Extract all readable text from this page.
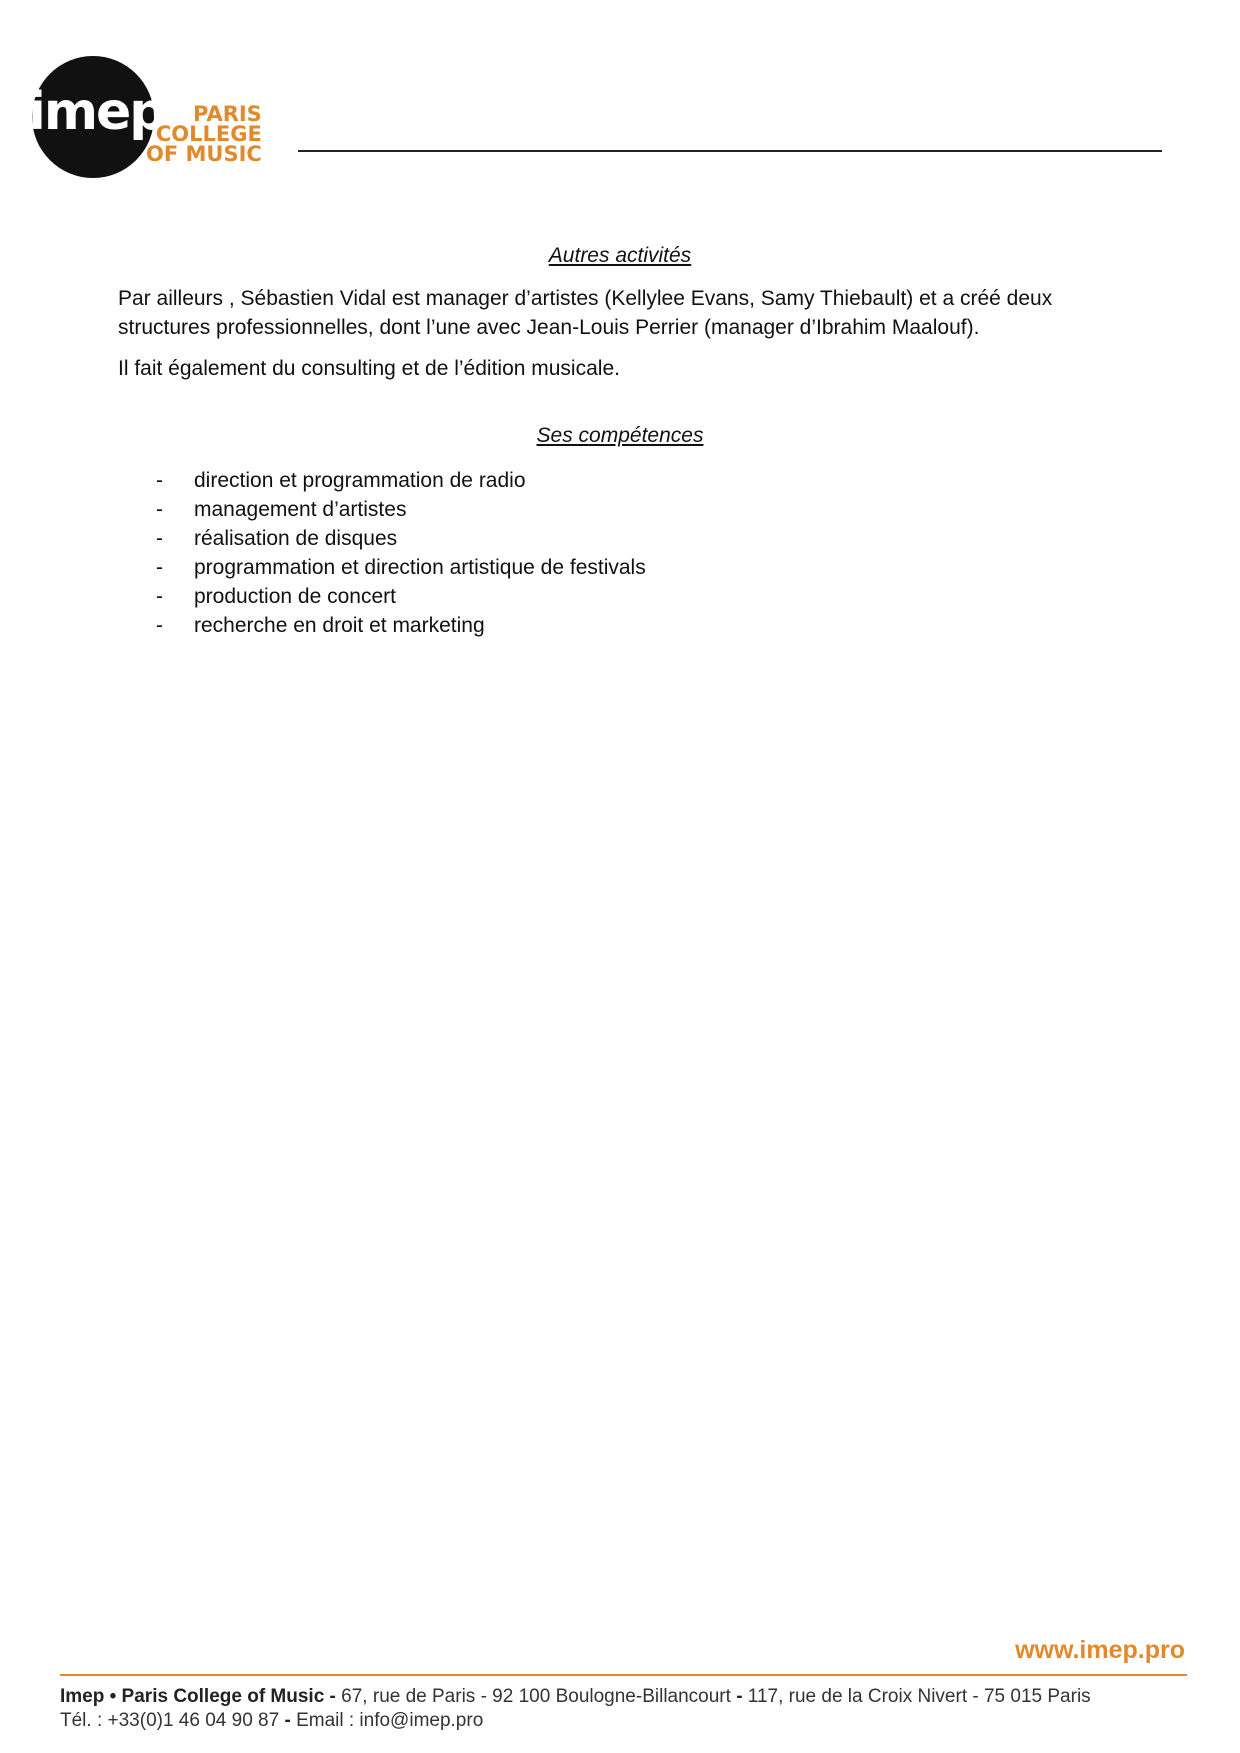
imep	PARIS
COLLEGE
OF MUSIC
Autres activités
Par ailleurs , Sébastien Vidal est manager d’artistes (Kellylee Evans, Samy Thiebault) et a créé deux structures professionnelles, dont l’une avec Jean-Louis Perrier (manager d’Ibrahim Maalouf).
Il fait également du consulting et de l’édition musicale.
Ses compétences
- direction et programmation de radio
- management d’artistes
- réalisation de disques
- programmation et direction artistique de festivals
- production de concert
- recherche en droit et marketing
www.imep.pro
Imep • Paris College of Music - 67, rue de Paris - 92 100 Boulogne-Billancourt - 117, rue de la Croix Nivert - 75 015 Paris
Tél. : +33(0)1 46 04 90 87 - Email : info@imep.pro
